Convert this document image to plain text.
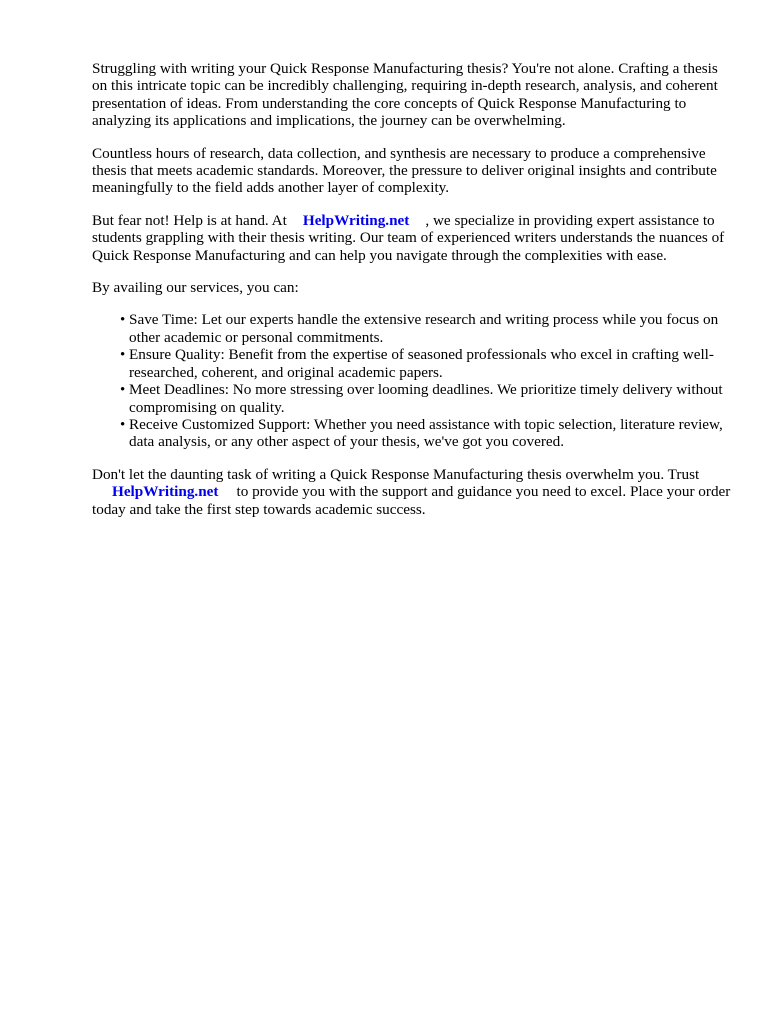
Struggling with writing your Quick Response Manufacturing thesis? You're not alone. Crafting a thesis on this intricate topic can be incredibly challenging, requiring in-depth research, analysis, and coherent presentation of ideas. From understanding the core concepts of Quick Response Manufacturing to analyzing its applications and implications, the journey can be overwhelming.

Countless hours of research, data collection, and synthesis are necessary to produce a comprehensive thesis that meets academic standards. Moreover, the pressure to deliver original insights and contribute meaningfully to the field adds another layer of complexity.

But fear not! Help is at hand. At HelpWriting.net , we specialize in providing expert assistance to students grappling with their thesis writing. Our team of experienced writers understands the nuances of Quick Response Manufacturing and can help you navigate through the complexities with ease.

By availing our services, you can:

• Save Time: Let our experts handle the extensive research and writing process while you focus on other academic or personal commitments.
• Ensure Quality: Benefit from the expertise of seasoned professionals who excel in crafting well-researched, coherent, and original academic papers.
• Meet Deadlines: No more stressing over looming deadlines. We prioritize timely delivery without compromising on quality.
• Receive Customized Support: Whether you need assistance with topic selection, literature review, data analysis, or any other aspect of your thesis, we've got you covered.

Don't let the daunting task of writing a Quick Response Manufacturing thesis overwhelm you. Trust
HelpWriting.net to provide you with the support and guidance you need to excel. Place your order today and take the first step towards academic success.
